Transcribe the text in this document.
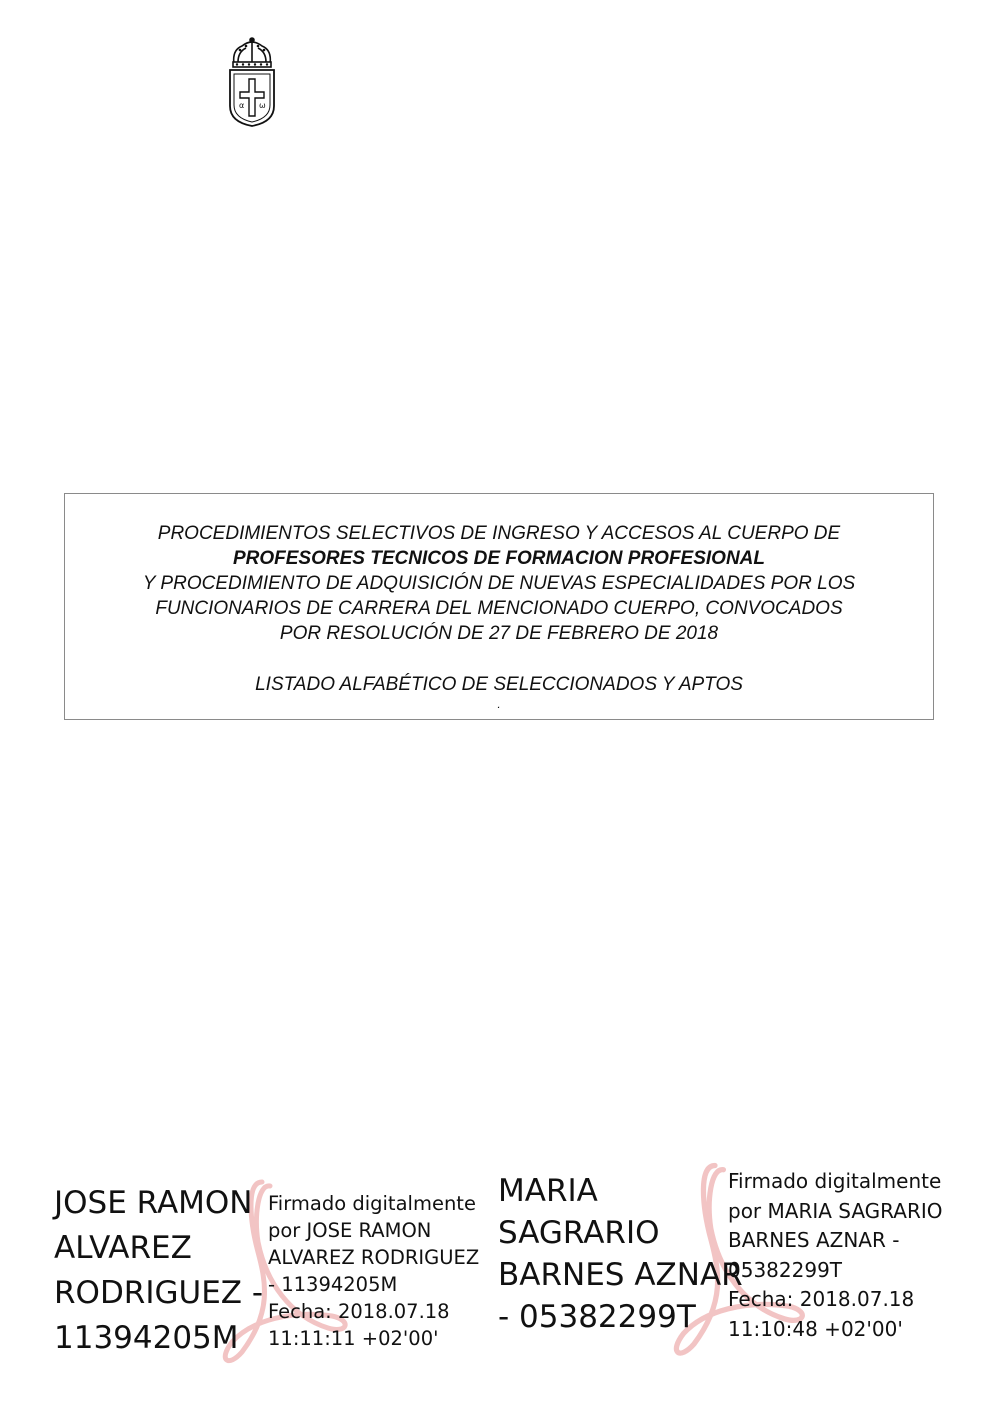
α ω
PROCEDIMIENTOS SELECTIVOS DE INGRESO Y ACCESOS AL CUERPO DE
PROFESORES TECNICOS DE FORMACION PROFESIONAL
Y PROCEDIMIENTO DE ADQUISICIÓN DE NUEVAS ESPECIALIDADES POR LOS
FUNCIONARIOS DE CARRERA DEL MENCIONADO CUERPO, CONVOCADOS
POR RESOLUCIÓN DE 27 DE FEBRERO DE 2018
LISTADO ALFABÉTICO DE SELECCIONADOS Y APTOS
.
JOSE RAMON
ALVAREZ
RODRIGUEZ -
11394205M
Firmado digitalmente
por JOSE RAMON
ALVAREZ RODRIGUEZ
- 11394205M
Fecha: 2018.07.18
11:11:11 +02'00'
MARIA
SAGRARIO
BARNES AZNAR
- 05382299T
Firmado digitalmente
por MARIA SAGRARIO
BARNES AZNAR -
05382299T
Fecha: 2018.07.18
11:10:48 +02'00'
